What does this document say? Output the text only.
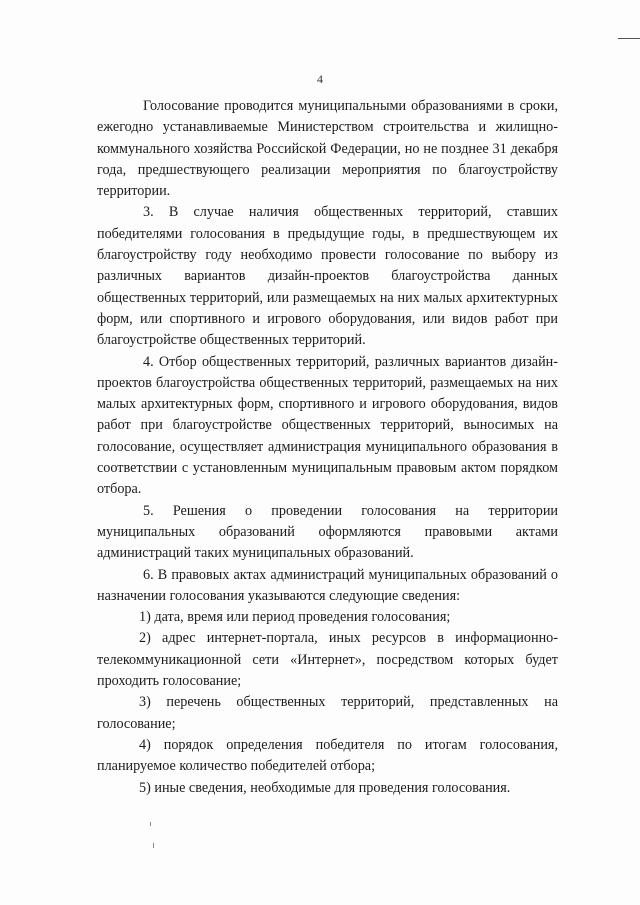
4

Голосование проводится муниципальными образованиями в сроки, ежегодно устанавливаемые Министерством строительства и жилищно-коммунального хозяйства Российской Федерации, но не позднее 31 декабря года, предшествующего реализации мероприятия по благоустройству территории.

3. В случае наличия общественных территорий, ставших победителями голосования в предыдущие годы, в предшествующем их благоустройству году необходимо провести голосование по выбору из различных вариантов дизайн-проектов благоустройства данных общественных территорий, или размещаемых на них малых архитектурных форм, или спортивного и игрового оборудования, или видов работ при благоустройстве общественных территорий.

4. Отбор общественных территорий, различных вариантов дизайн-проектов благоустройства общественных территорий, размещаемых на них малых архитектурных форм, спортивного и игрового оборудования, видов работ при благоустройстве общественных территорий, выносимых на голосование, осуществляет администрация муниципального образования в соответствии с установленным муниципальным правовым актом порядком отбора.

5. Решения о проведении голосования на территории муниципальных образований оформляются правовыми актами администраций таких муниципальных образований.

6. В правовых актах администраций муниципальных образований о назначении голосования указываются следующие сведения:

1) дата, время или период проведения голосования;

2) адрес интернет-портала, иных ресурсов в информационно-телекоммуникационной сети «Интернет», посредством которых будет проходить голосование;

3) перечень общественных территорий, представленных на голосование;

4) порядок определения победителя по итогам голосования, планируемое количество победителей отбора;

5) иные сведения, необходимые для проведения голосования.
